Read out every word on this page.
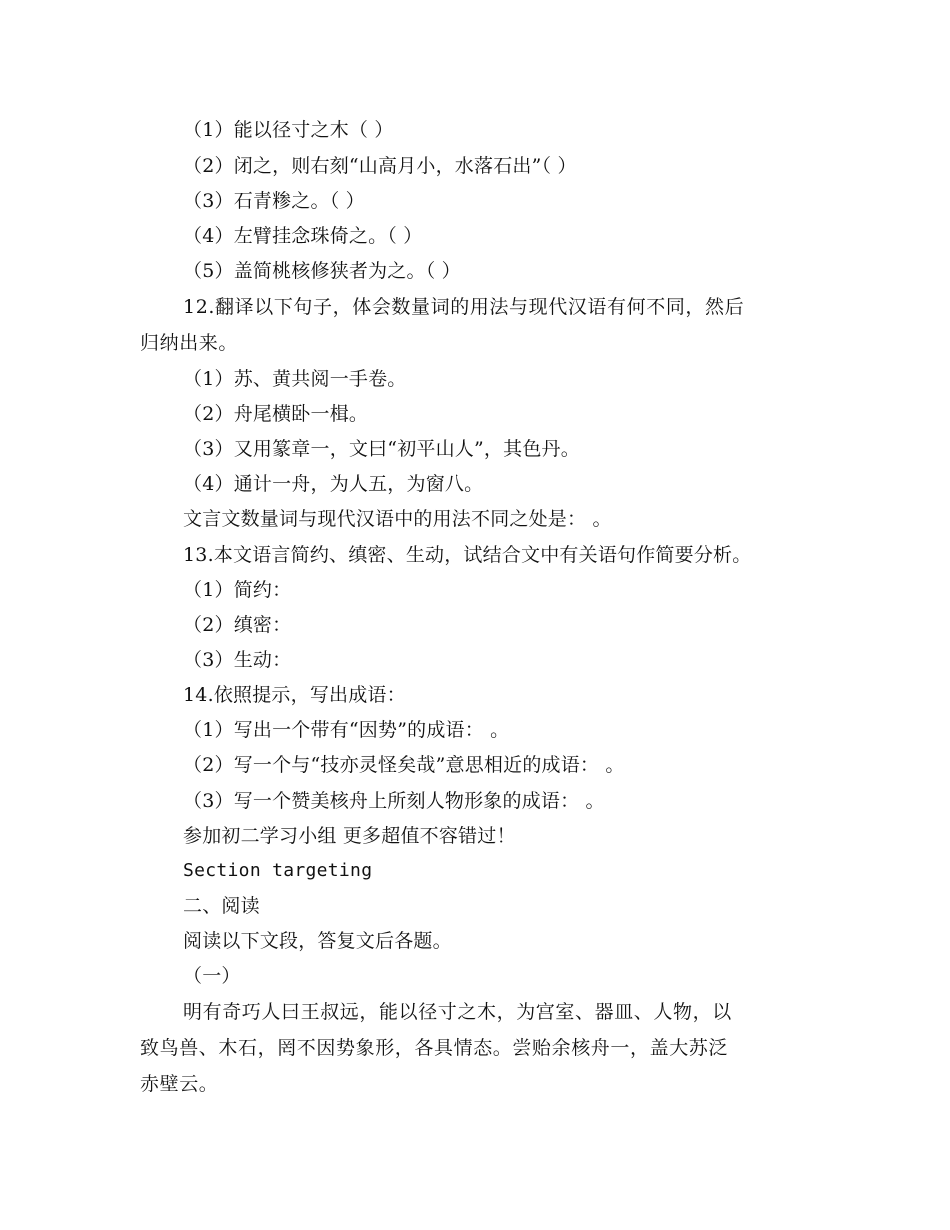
（1）能以径寸之木（ ）
（2）闭之，则右刻“山高月小，水落石出”（ ）
（3）石青糁之。（ ）
（4）左臂挂念珠倚之。（ ）
（5）盖简桃核修狭者为之。（ ）
12.翻译以下句子，体会数量词的用法与现代汉语有何不同，然后
归纳出来。
（1）苏、黄共阅一手卷。
（2）舟尾横卧一楫。
（3）又用篆章一，文曰“初平山人”，其色丹。
（4）通计一舟，为人五，为窗八。
文言文数量词与现代汉语中的用法不同之处是： 。
13.本文语言简约、缜密、生动，试结合文中有关语句作简要分析。
（1）简约：
（2）缜密：
（3）生动：
14.依照提示，写出成语：
（1）写出一个带有“因势”的成语： 。
（2）写一个与“技亦灵怪矣哉”意思相近的成语： 。
（3）写一个赞美核舟上所刻人物形象的成语： 。
参加初二学习小组 更多超值不容错过！
Section targeting
二、阅读
阅读以下文段，答复文后各题。
（一）
明有奇巧人曰王叔远，能以径寸之木，为宫室、器皿、人物，以
致鸟兽、木石，罔不因势象形，各具情态。尝贻余核舟一，盖大苏泛
赤壁云。
